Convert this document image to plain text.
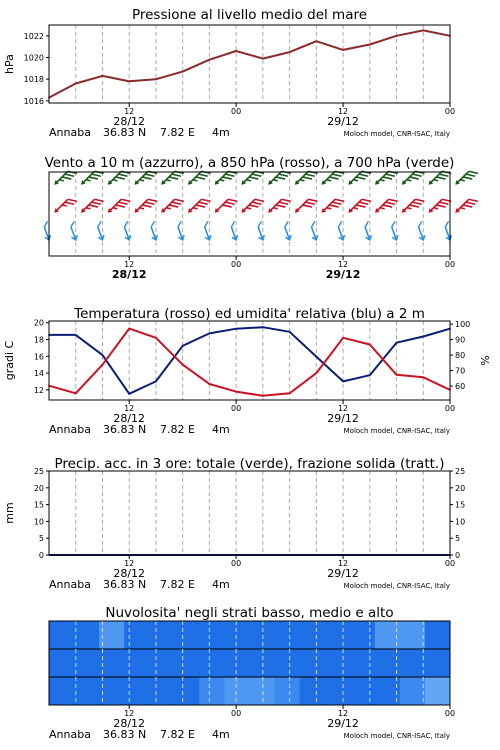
Pressione al livello medio del mare
1016
1018
1020
1022
hPa
12
28/12
00	12
29/12
00
Annaba 36.83 N 7.82 E 4m	Moloch model, CNR-ISAC, Italy
Vento a 10 m (azzurro), a 850 hPa (rosso), a 700 hPa (verde)
12
28/12
00	12
29/12
00
Temperatura (rosso) ed umidita' relativa (blu) a 2 m
12
14
16
18
20
60
70
80
90
100
gradi C	%
12
28/12
00	12
29/12
00
Annaba 36.83 N 7.82 E 4m	Moloch model, CNR-ISAC, Italy
Precip. acc. in 3 ore: totale (verde), frazione solida (tratt.)
0
5
10
15
20
25
0
5
10
15
20
25
mm
12
28/12
00	12
29/12
00
Annaba 36.83 N 7.82 E 4m	Moloch model, CNR-ISAC, Italy
Nuvolosita' negli strati basso, medio e alto
12
28/12
00	12
29/12
00
Annaba 36.83 N 7.82 E 4m	Moloch model, CNR-ISAC, Italy
